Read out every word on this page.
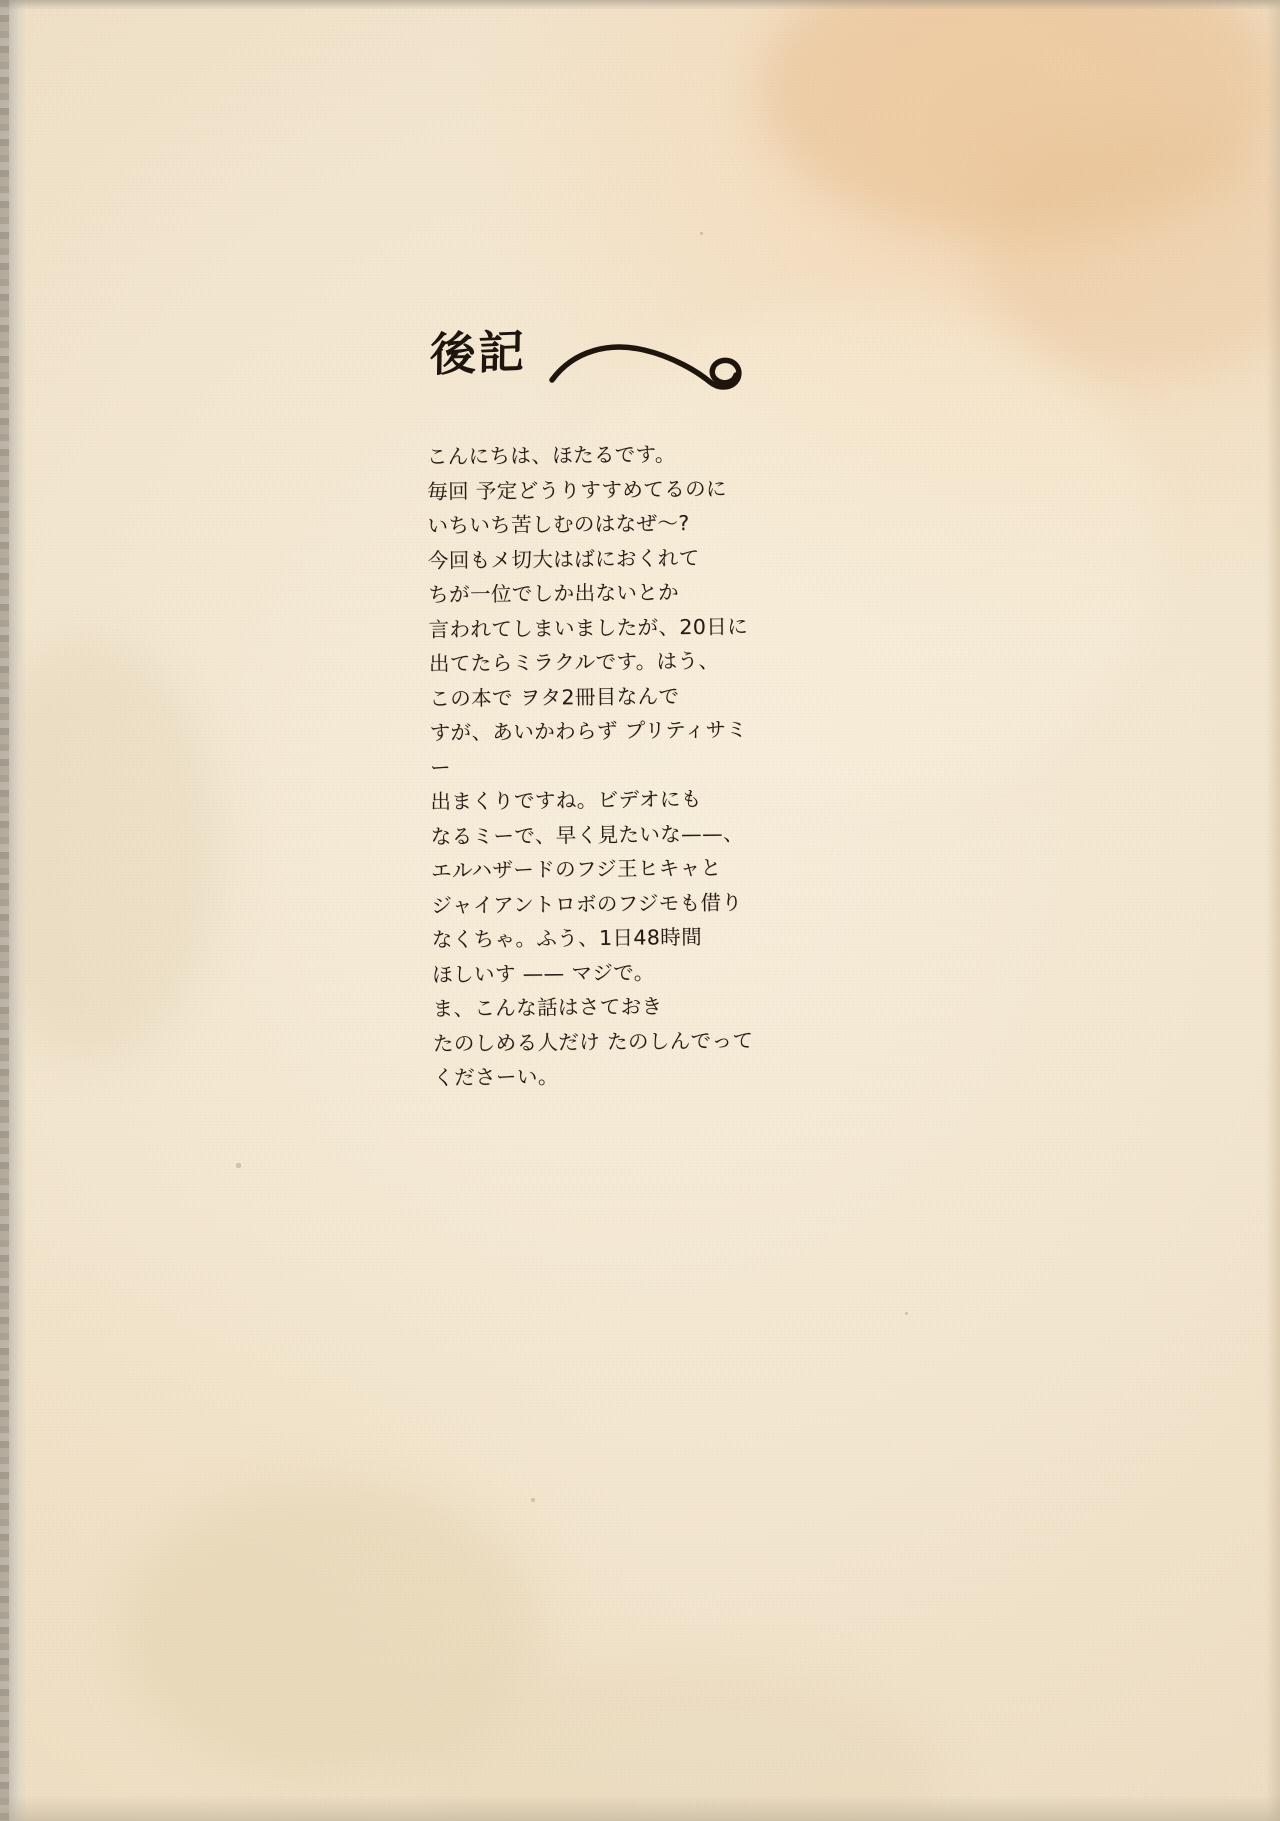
後記
こんにちは、ほたるです。
毎回 予定どうりすすめてるのに
いちいち苦しむのはなぜ〜?
今回もメ切大はばにおくれて
ちが一位でしか出ないとか
言われてしまいましたが、20日に
出てたらミラクルです。はう、
この本で ヲタ2冊目なんで
すが、あいかわらず プリティサミー
出まくりですね。ビデオにも
なるミーで、早く見たいな——、
エルハザードのフジ王ヒキャと
ジャイアントロボのフジモも借り
なくちゃ。ふう、1日48時間
ほしいす —— マジで。
ま、こんな話はさておき
たのしめる人だけ たのしんでって
くださーい。
